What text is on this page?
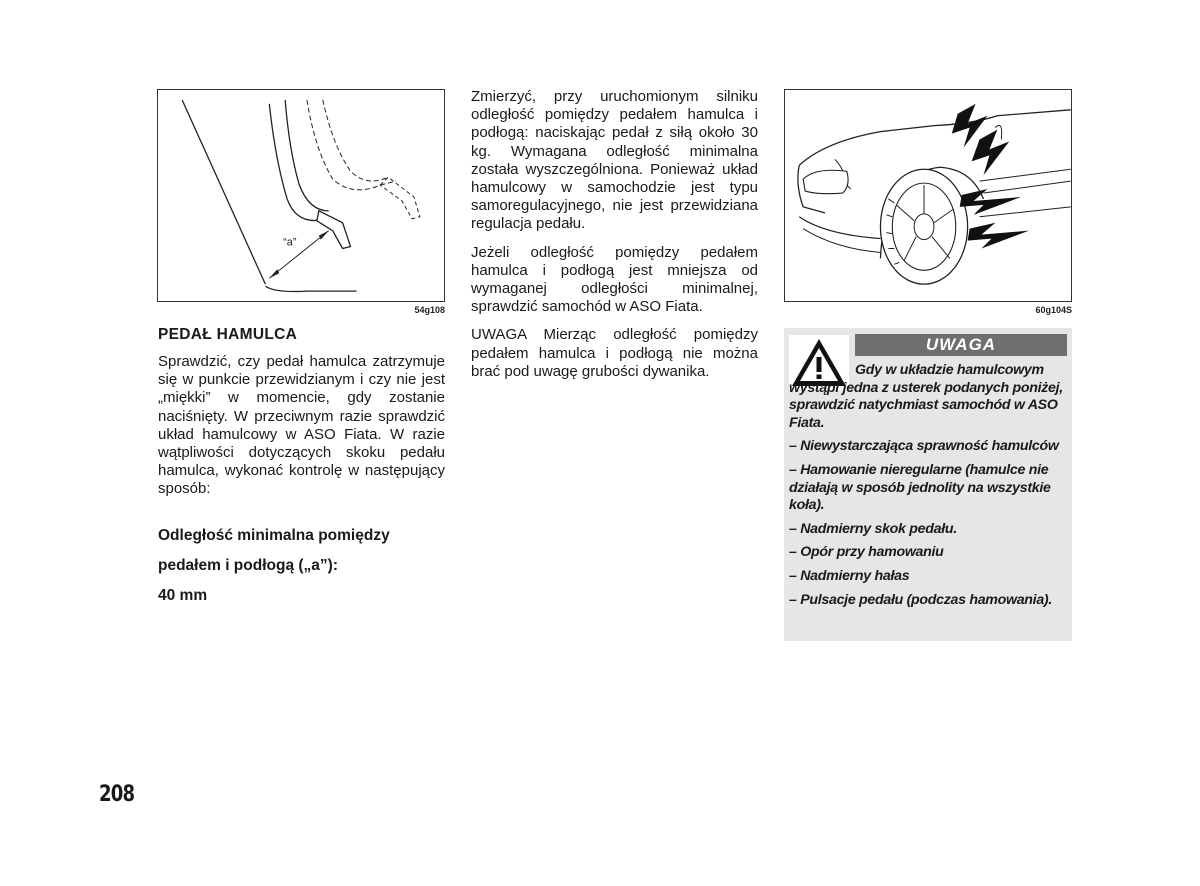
“a”
54g108	60g104S
PEDAŁ HAMULCA

Sprawdzić, czy pedał hamulca zatrzymuje się w punkcie przewidzianym i czy nie jest „miękki” w momencie, gdy zostanie naciśnięty. W przeciwnym razie sprawdzić układ hamulcowy w ASO Fiata. W razie wątpliwości dotyczących skoku pedału hamulca, wykonać kontrolę w następujący sposób:

Odległość minimalna pomiędzy

pedałem i podłogą („a”):

40 mm

Zmierzyć, przy uruchomionym silniku odległość pomiędzy pedałem hamulca i podłogą: naciskając pedał z siłą około 30 kg. Wymagana odległość minimalna została wyszczególniona. Ponieważ układ hamulcowy w samochodzie jest typu samoregulacyjnego, nie jest przewidziana regulacja pedału.

Jeżeli odległość pomiędzy pedałem hamulca i podłogą jest mniejsza od wymaganej odległości minimalnej, sprawdzić samochód w ASO Fiata.

UWAGA Mierząc odległość pomiędzy pedałem hamulca i podłogą nie można brać pod uwagę grubości dywanika.

UWAGA

Gdy w układzie hamulcowym wystąpi jedna z usterek podanych poniżej, sprawdzić natychmiast samochód w ASO Fiata.

– Niewystarczająca sprawność hamulców

– Hamowanie nieregularne (hamulce nie działają w sposób jednolity na wszystkie koła).

– Nadmierny skok pedału.

– Opór przy hamowaniu

– Nadmierny hałas

– Pulsacje pedału (podczas hamowania).

208
